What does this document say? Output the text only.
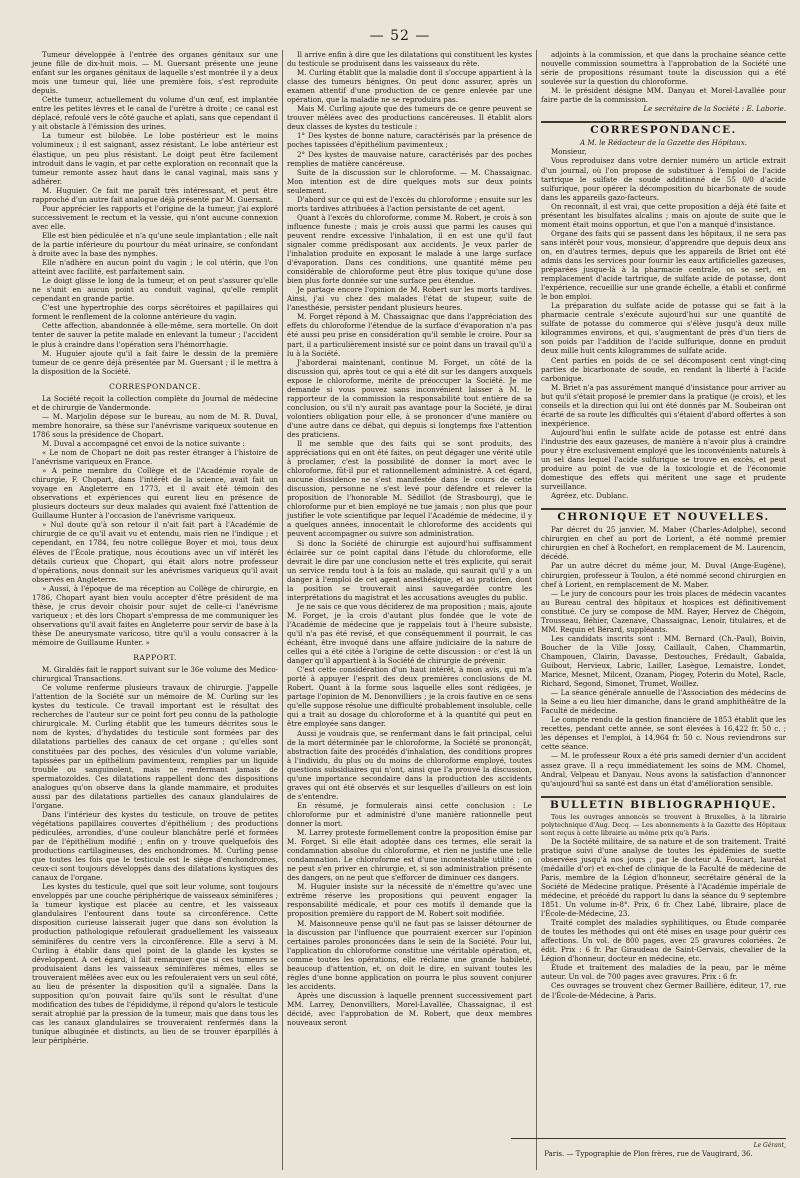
— 52 —

Tumeur développée à l'entrée des organes génitaux sur une jeune fille de dix-huit mois. — M. Guersant présente une jeune enfant sur les organes génitaux de laquelle s'est montrée il y a deux mois une tumeur qui, liée une première fois, s'est reproduite depuis.

Cette tumeur, actuellement du volume d'un œuf, est implantée entre les petites lèvres et le canal de l'urètre à droite ; ce canal est déplacé, refoulé vers le côté gauche et aplati, sans que cependant il y ait obstacle à l'émission des urines.

La tumeur est bilobée. Le lobe postérieur est le moins volumineux ; il est saignant, assez résistant. Le lobe antérieur est élastique, un peu plus résistant. Le doigt peut être facilement introduit dans le vagin, et par cette exploration on reconnaît que la tumeur remonte assez haut dans le canal vaginal, mais sans y adhérer.

M. Huguier. Ce fait me paraît très intéressant, et peut être rapproché d'un autre fait analogue déjà présenté par M. Guersant.

Pour apprécier les rapports et l'origine de la tumeur, j'ai exploré successivement le rectum et la vessie, qui n'ont aucune connexion avec elle.

Elle est bien pédiculée et n'a qu'une seule implantation ; elle naît de la partie inférieure du pourtour du méat urinaire, se confondant à droite avec la base des nymphes.

Elle n'adhère en aucun point du vagin ; le col utérin, que l'on atteint avec facilité, est parfaitement sain.

Le doigt glisse le long de la tumeur, et on peut s'assurer qu'elle ne s'unit en aucun point au conduit vaginal, qu'elle remplit cependant en grande partie.

C'est une hypertrophie des corps sécrétoires et papillaires qui forment le renflement de la colonne antérieure du vagin.

Cette affection, abandonnée à elle-même, sera mortelle. On doit tenter de sauver la petite malade en enlevant la tumeur ; l'accident le plus à craindre dans l'opération sera l'hémorrhagie.

M. Huguier ajoute qu'il a fait faire le dessin de la première tumeur de ce genre déjà présentée par M. Guersant ; il le mettra à la disposition de la Société.

CORRESPONDANCE.

La Société reçoit la collection complète du Journal de médecine et de chirurgie de Vandermonde.

— M. Marjolin dépose sur le bureau, au nom de M. R. Duval, membre honoraire, sa thèse sur l'anévrisme variqueux soutenue en 1786 sous la présidence de Chopart.

M. Duval a accompagné cet envoi de la notice suivante :

« Le nom de Chopart ne doit pas rester étranger à l'histoire de l'anévrisme variqueux en France.

» A peine membre du Collège et de l'Académie royale de chirurgie, F. Chopart, dans l'intérêt de la science, avait fait un voyage en Angleterre en 1773, et il avait été témoin des observations et expériences qui eurent lieu en présence de plusieurs docteurs sur deux malades qui avaient fixé l'attention de Guillaume Hunter à l'occasion de l'anévrisme variqueux.

» Nul doute qu'à son retour il n'ait fait part à l'Académie de chirurgie de ce qu'il avait vu et entendu, mais rien ne l'indique ; et cependant, en 1784, feu notre collègue Boyer et moi, tous deux élèves de l'École pratique, nous écoutions avec un vif intérêt les détails curieux que Chopart, qui était alors notre professeur d'opérations, nous donnait sur les anévrismes variqueux qu'il avait observés en Angleterre.

» Aussi, à l'époque de ma réception au Collège de chirurgie, en 1786, Chopart ayant bien voulu accepter d'être président de ma thèse, je crus devoir choisir pour sujet de celle-ci l'anévrisme variqueux ; et dès lors Chopart s'empressa de me communiquer les observations qu'il avait faites en Angleterre pour servir de base à la thèse De aneurysmate varicoso, titre qu'il a voulu consacrer à la mémoire de Guillaume Hunter. »

RAPPORT.

M. Giraldès fait le rapport suivant sur le 36e volume des Medico-chirurgical Transactions.

Ce volume renferme plusieurs travaux de chirurgie. J'appelle l'attention de la Société sur un mémoire de M. Curling sur les kystes du testicule. Ce travail important est le résultat des recherches de l'auteur sur ce point fort peu connu de la pathologie chirurgicale. M. Curling établit que les tumeurs décrites sous le nom de kystes, d'hydatides du testicule sont formées par des dilatations partielles des canaux de cet organe ; qu'elles sont constituées par des poches, des vésicules d'un volume variable, tapissées par un épithélium pavimenteux, remplies par un liquide trouble ou sanguinolent, mais ne renfermant jamais de spermatozoïdes. Ces dilatations rappellent donc des dispositions analogues qu'on observe dans la glande mammaire, et produites aussi par des dilatations partielles des canaux glandulaires de l'organe.

Dans l'intérieur des kystes du testicule, on trouve de petites végétations papillaires couvertes d'épithélium ; des productions pédiculées, arrondies, d'une couleur blanchâtre perlé et formées par de l'épithélium modifié ; enfin on y trouve quelquefois des productions cartilagineuses, des enchondromes. M. Curling pense que toutes les fois que le testicule est le siège d'enchondromes, ceux-ci sont toujours développés dans des dilatations kystiques des canaux de l'organe.

Les kystes du testicule, quel que soit leur volume, sont toujours enveloppés par une couche périphérique de vaisseaux séminifères ; la tumeur kystique est placée au centre, et les vaisseaux glandulaires l'entourent dans toute sa circonférence. Cette disposition curieuse laisserait juger que dans son évolution la production pathologique refoulerait graduellement les vaisseaux séminifères du centre vers la circonférence. Elle a servi à M. Curling à établir dans quel point de la glande les kystes se développent. A cet égard, il fait remarquer que si ces tumeurs se produisaient dans les vaisseaux séminifères mêmes, elles se trouveraient mêlées avec eux ou les refouleraient vers un seul côté, au lieu de présenter la disposition qu'il a signalée. Dans la supposition qu'on pouvait faire qu'ils sont le résultat d'une modification des tubes de l'épididyme, il répond qu'alors le testicule serait atrophié par la pression de la tumeur, mais que dans tous les cas les canaux glandulaires se trouveraient renfermés dans la tunique albuginée et distincts, au lieu de se trouver éparpillés à leur périphérie.

Il arrive enfin à dire que les dilatations qui constituent les kystes du testicule se produisent dans les vaisseaux du rête.

M. Curling établit que la maladie dont il s'occupe appartient à la classe des tumeurs bénignes. On peut donc assurer, après un examen attentif d'une production de ce genre enlevée par une opération, que la maladie ne se reproduira pas.

Mais M. Curling ajoute que des tumeurs de ce genre peuvent se trouver mêlées avec des productions cancéreuses. Il établit alors deux classes de kystes du testicule :

1° Des kystes de bonne nature, caractérisés par la présence de poches tapissées d'épithélium pavimenteux ;

2° Des kystes de mauvaise nature, caractérisés par des poches remplies de matière cancéreuse.

Suite de la discussion sur le chloroforme. — M. Chassaignac. Mon intention est de dire quelques mots sur deux points seulement.

D'abord sur ce qui est de l'excès du chloroforme ; ensuite sur les morts tardives attribuées à l'action persistante de cet agent.

Quant à l'excès du chloroforme, comme M. Robert, je crois à son influence funeste ; mais je crois aussi que parmi les causes qui peuvent rendre excessive l'inhalation, il en est une qu'il faut signaler comme prédisposant aux accidents. Je veux parler de l'inhalation produite en exposant le malade à une large surface d'évaporation. Dans ces conditions, une quantité même peu considérable de chloroforme peut être plus toxique qu'une dose bien plus forte donnée sur une surface peu étendue.

Je partage encore l'opinion de M. Robert sur les morts tardives. Ainsi, j'ai vu chez des malades l'état de stupeur, suite de l'anesthésie, persister pendant plusieurs heures.

M. Forget répond à M. Chassaignac que dans l'appréciation des effets du chloroforme l'étendue de la surface d'évaporation n'a pas été aussi peu prise en considération qu'il semble le croire. Pour sa part, il a particulièrement insisté sur ce point dans un travail qu'il a lu à la Société.

J'aborderai maintenant, continue M. Forget, un côté de la discussion qui, après tout ce qui a été dit sur les dangers auxquels expose le chloroforme, mérite de préoccuper la Société. Je me demande si vous pouvez sans inconvénient laisser à M. le rapporteur de la commission la responsabilité tout entière de sa conclusion, ou s'il n'y aurait pas avantage pour la Société, je dirai volontiers obligation pour elle, à se prononcer d'une manière ou d'une autre dans ce débat, qui depuis si longtemps fixe l'attention des praticiens.

Il me semble que des faits qui se sont produits, des appréciations qui en ont été faites, on peut dégager une vérité utile à proclamer, c'est la possibilité de donner la mort avec le chloroforme, fût-il pur et rationnellement administré. A cet égard, aucune dissidence ne s'est manifestée dans le cours de cette discussion, personne ne s'est levé pour défendre et relever la proposition de l'honorable M. Sédillot (de Strasbourg), que le chloroforme pur et bien employé ne tue jamais ; non plus que pour justifier le vote scientifique par lequel l'Académie de médecine, il y a quelques années, innocentait le chloroforme des accidents qui peuvent accompagner ou suivre son administration.

Si donc la Société de chirurgie est aujourd'hui suffisamment éclairée sur ce point capital dans l'étude du chloroforme, elle devrait le dire par une conclusion nette et très explicite, qui serait un service rendu tout à la fois au malade, qui saurait qu'il y a un danger à l'emploi de cet agent anesthésique, et au praticien, dont la position se trouverait ainsi sauvegardée contre les interprétations du magistrat et les accusations aveugles du public.

Je ne sais ce que vous déciderez de ma proposition ; mais, ajoute M. Forget, je la crois d'autant plus fondée que le vote de l'Académie de médecine que je rappelais tout à l'heure subsiste, qu'il n'a pas été revisé, et que conséquemment il pourrait, le cas échéant, être invoqué dans une affaire judiciaire de la nature de celles qui a été citée à l'origine de cette discussion : or c'est là un danger qu'il appartient à la Société de chirurgie de prévenir.

C'est cette considération d'un haut intérêt, à mon avis, qui m'a porté à appuyer l'esprit des deux premières conclusions de M. Robert. Quant à la forme sous laquelle elles sont rédigées, je partage l'opinion de M. Denonvilliers ; je la crois fautive en ce sens qu'elle suppose résolue une difficulté probablement insoluble, celle qui a trait au dosage du chloroforme et à la quantité qui peut en être employée sans danger.

Aussi je voudrais que, se renfermant dans le fait principal, celui de la mort déterminée par le chloroforme, la Société se prononçât, abstraction faite des procédés d'inhalation, des conditions propres à l'individu, du plus ou du moins de chloroforme employé, toutes questions subsidiaires qui n'ont, ainsi que l'a prouvé la discussion, qu'une importance secondaire dans la production des accidents graves qui ont été observés et sur lesquelles d'ailleurs on est loin de s'entendre.

En résumé, je formulerais ainsi cette conclusion : Le chloroforme pur et administré d'une manière rationnelle peut donner la mort.

M. Larrey proteste formellement contre la proposition émise par M. Forget. Si elle était adoptée dans ces termes, elle serait la condamnation absolue du chloroforme, et rien ne justifie une telle condamnation. Le chloroforme est d'une incontestable utilité ; on ne peut s'en priver en chirurgie, et, si son administration présente des dangers, on ne peut que s'efforcer de diminuer ces dangers.

M. Huguier insiste sur la nécessité de n'émettre qu'avec une extrême réserve les propositions qui peuvent engager la responsabilité médicale, et pour ces motifs il demande que la proposition première du rapport de M. Robert soit modifiée.

M. Maisonneuve pense qu'il ne faut pas se laisser détourner de la discussion par l'influence que pourraient exercer sur l'opinion certaines paroles prononcées dans le sein de la Société. Pour lui, l'application du chloroforme constitue une véritable opération, et, comme toutes les opérations, elle réclame une grande habileté, beaucoup d'attention, et, on doit le dire, en suivant toutes les règles d'une bonne application on pourra le plus souvent conjurer les accidents.

Après une discussion à laquelle prennent successivement part MM. Larrey, Denonvilliers, Morel-Lavallée, Chassaignac, il est décidé, avec l'approbation de M. Robert, que deux membres nouveaux seront

adjoints à la commission, et que dans la prochaine séance cette nouvelle commission soumettra à l'approbation de la Société une série de propositions résumant toute la discussion qui a été soulevée sur la question du chloroforme.

M. le président désigne MM. Danyau et Morel-Lavallée pour faire partie de la commission.

Le secrétaire de la Société : E. Laborie.

CORRESPONDANCE.

A M. le Rédacteur de la Gazette des Hôpitaux.

Monsieur,

Vous reproduisez dans votre dernier numéro un article extrait d'un journal, où l'on propose de substituer à l'emploi de l'acide tartrique le sulfate de soude additionné de 55 0/0 d'acide sulfurique, pour opérer la décomposition du bicarbonate de soude dans les appareils gazo-facteurs.

On reconnaît, il est vrai, que cette proposition a déjà été faite et présentant les bisulfates alcalins ; mais on ajoute de suite que le moment était moins opportun, et que l'on a manqué d'insistance.

Organe des faits qui se passent dans les hôpitaux, il ne sera pas sans intérêt pour vous, monsieur, d'apprendre que depuis deux ans on, en d'autres termes, depuis que les appareils de Briet ont été admis dans les services pour fournir les eaux artificielles gazeuses, préparées jusque-là à la pharmacie centrale, on se sert, en remplacement d'acide tartrique, de sulfate acide de potasse, dont l'expérience, recueillie sur une grande échelle, a établi et confirmé le bon emploi.

La préparation du sulfate acide de potasse qui se fait à la pharmacie centrale s'exécute aujourd'hui sur une quantité de sulfate de potasse du commerce qui s'élève jusqu'à deux mille kilogrammes environs, et qui, s'augmentant de près d'un tiers de son poids par l'addition de l'acide sulfurique, donne en produit deux mille huit cents kilogrammes de sulfate acide.

Cent parties en poids de ce sel décomposent cent vingt-cinq parties de bicarbonate de soude, en rendant la liberté à l'acide carbonique.

M. Briet n'a pas assurément manqué d'insistance pour arriver au but qu'il s'était proposé le premier dans la pratique (je crois), et les conseils et la direction qui lui ont été donnés par M. Soubeiran ont écarté de sa route les difficultés qui s'étaient d'abord offertes à son inexpérience.

Aujourd'hui enfin le sulfate acide de potasse est entré dans l'industrie des eaux gazeuses, de manière à n'avoir plus à craindre pour y être exclusivement employé que les inconvénients naturels à un sel dans lequel l'acide sulfurique se trouve en excès, et peut produire au point de vue de la toxicologie et de l'économie domestique des effets qui méritent une sage et prudente surveillance.

Agréez, etc. Dublanc.

CHRONIQUE ET NOUVELLES.

Par décret du 25 janvier, M. Maber (Charles-Adolphe), second chirurgien en chef au port de Lorient, a été nommé premier chirurgien en chef à Rochefort, en remplacement de M. Laurencin, décédé.

Par un autre décret du même jour, M. Duval (Ange-Eugène), chirurgien, professeur à Toulon, a été nommé second chirurgien en chef à Lorient, en remplacement de M. Maber.

— Le jury de concours pour les trois places de médecin vacantes au Bureau central des hôpitaux et hospices est définitivement constitué. Ce jury se compose de MM. Rayer, Hervez de Chégoin, Trousseau, Béhier, Cazenave, Chassaignac, Lenoir, titulaires, et de MM. Requin et Bérard, suppléants.

Les candidats inscrits sont : MM. Bernard (Ch.-Paul), Boivin, Boucher de la Ville Jossy, Caillault, Cahen, Chammartin, Champouen, Clairin, Davasse, Destouches, Frédault, Gabalda, Guibout, Hervieux, Labric, Lailler, Lasègue, Lemaistre, Londet, Marice, Mesnet, Milcent, Ozanam, Piogey, Poterin du Motel, Racle, Richard, Segond, Simonet, Trumet, Woillez.

— La séance générale annuelle de l'Association des médecins de la Seine a eu lieu hier dimanche, dans le grand amphithéâtre de la Faculté de médecine.

Le compte rendu de la gestion financière de 1853 établit que les recettes, pendant cette année, se sont élevées à 16,422 fr. 50 c. ; les dépenses et l'emploi, à 14,964 fr. 50 c. Nous reviendrons sur cette séance.

— M. le professeur Roux a été pris samedi dernier d'un accident assez grave. Il a reçu immédiatement les soins de MM. Chomel, Andral, Velpeau et Danyau. Nous avons la satisfaction d'annoncer qu'aujourd'hui sa santé est dans un état d'amélioration sensible.

BULLETIN BIBLIOGRAPHIQUE.

Tous les ouvrages annoncés se trouvent à Bruxelles, à la librairie polytechnique d'Aug. Decq. — Les abonnements à la Gazette des Hôpitaux sont reçus à cette librairie au même prix qu'à Paris.

De la Société militaire, de sa nature et de son traitement. Traité pratique suivi d'une analyse de toutes les épidémies de suette observées jusqu'à nos jours ; par le docteur A. Foucart, lauréat (médaille d'or) et ex-chef de clinique de la Faculté de médecine de Paris, membre de la Légion d'honneur, secrétaire général de la Société de Médecine pratique. Présenté à l'Académie impériale de médecine, et précédé du rapport lu dans la séance du 9 septembre 1851. Un volume in-8°. Prix, 6 fr. Chez Labé, libraire, place de l'École-de-Médecine, 23.

Traité complet des maladies syphilitiques, ou Étude comparée de toutes les méthodes qui ont été mises en usage pour guérir ces affections. Un vol. de 800 pages, avec 25 gravures coloriées. 2e édit. Prix : 6 fr. Par Giraudeau de Saint-Gervais, chevalier de la Légion d'honneur, docteur en médecine, etc.

Étude et traitement des maladies de la peau, par le même auteur. Un vol. de 700 pages avec gravures. Prix : 6 fr.

Ces ouvrages se trouvent chez Germer Baillière, éditeur, 17, rue de l'École-de-Médecine, à Paris.

Le Gérant,
Paris. — Typographie de Plon frères, rue de Vaugirard, 36.
